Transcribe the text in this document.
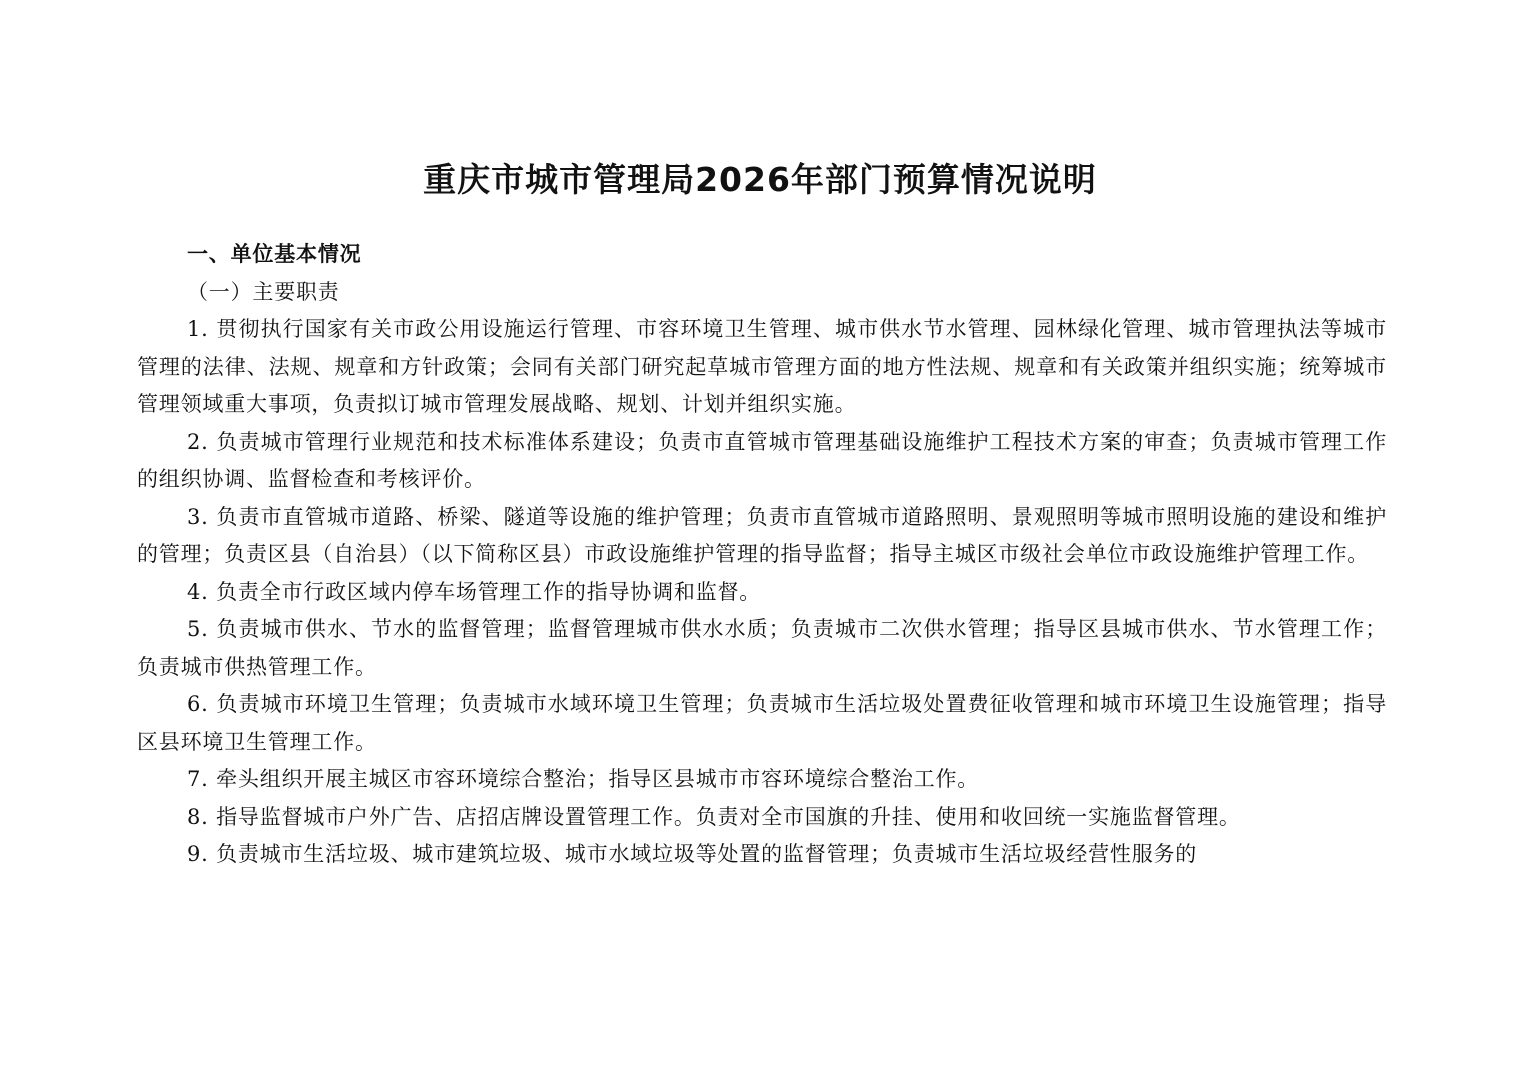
重庆市城市管理局2026年部门预算情况说明

一、单位基本情况

（一）主要职责

1. 贯彻执行国家有关市政公用设施运行管理、市容环境卫生管理、城市供水节水管理、园林绿化管理、城市管理执法等城市管理的法律、法规、规章和方针政策；会同有关部门研究起草城市管理方面的地方性法规、规章和有关政策并组织实施；统筹城市管理领域重大事项，负责拟订城市管理发展战略、规划、计划并组织实施。

2. 负责城市管理行业规范和技术标准体系建设；负责市直管城市管理基础设施维护工程技术方案的审查；负责城市管理工作的组织协调、监督检查和考核评价。

3. 负责市直管城市道路、桥梁、隧道等设施的维护管理；负责市直管城市道路照明、景观照明等城市照明设施的建设和维护的管理；负责区县（自治县）（以下简称区县）市政设施维护管理的指导监督；指导主城区市级社会单位市政设施维护管理工作。

4. 负责全市行政区域内停车场管理工作的指导协调和监督。

5. 负责城市供水、节水的监督管理；监督管理城市供水水质；负责城市二次供水管理；指导区县城市供水、节水管理工作；负责城市供热管理工作。

6. 负责城市环境卫生管理；负责城市水域环境卫生管理；负责城市生活垃圾处置费征收管理和城市环境卫生设施管理；指导区县环境卫生管理工作。

7. 牵头组织开展主城区市容环境综合整治；指导区县城市市容环境综合整治工作。

8. 指导监督城市户外广告、店招店牌设置管理工作。负责对全市国旗的升挂、使用和收回统一实施监督管理。

9. 负责城市生活垃圾、城市建筑垃圾、城市水域垃圾等处置的监督管理；负责城市生活垃圾经营性服务的
